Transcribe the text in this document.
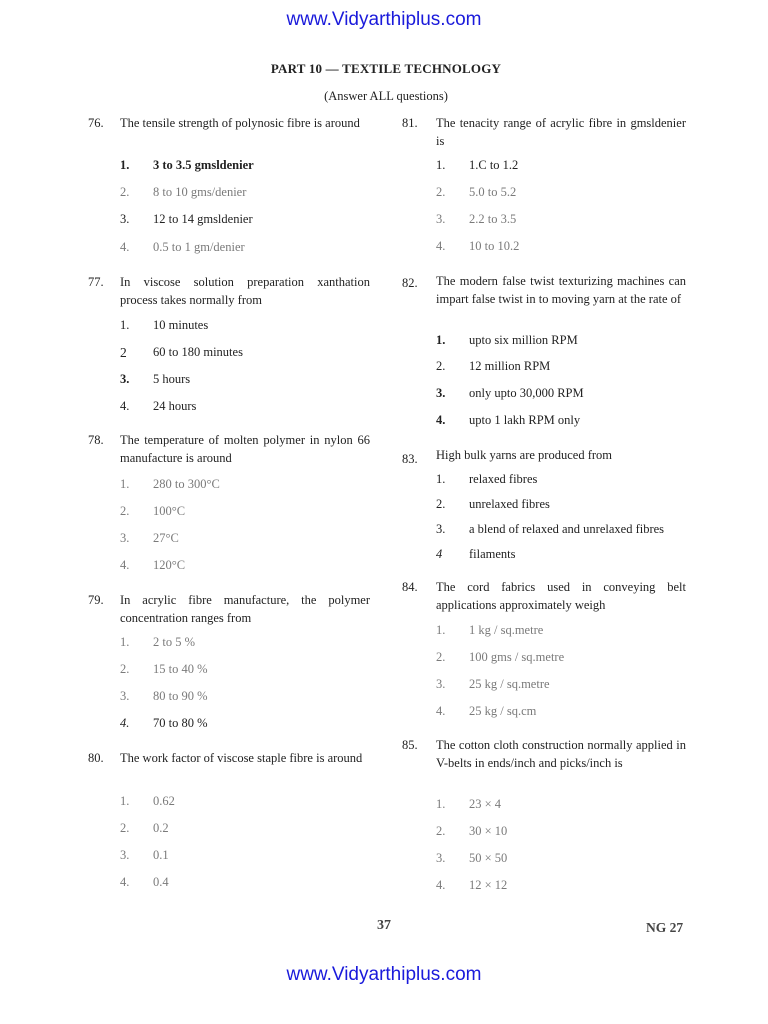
www.Vidyarthiplus.com
PART 10 — TEXTILE TECHNOLOGY
(Answer ALL questions)
76. The tensile strength of polynosic fibre is around
1. 3 to 3.5 gmsldenier
2. 8 to 10 gms/denier
3. 12 to 14 gmsldenier
4. 0.5 to 1 gm/denier
77. In viscose solution preparation xanthation process takes normally from
1. 10 minutes
2 60 to 180 minutes
3. 5 hours
4. 24 hours
78. The temperature of molten polymer in nylon 66 manufacture is around
1. 280 to 300°C
2. 100°C
3. 27°C
4. 120°C
79. In acrylic fibre manufacture, the polymer concentration ranges from
1. 2 to 5 %
2. 15 to 40 %
3. 80 to 90 %
4. 70 to 80 %
80. The work factor of viscose staple fibre is around
1. 0.62
2. 0.2
3. 0.1
4. 0.4
81. The tenacity range of acrylic fibre in gmsldenier is
1. 1.C to 1.2
2. 5.0 to 5.2
3. 2.2 to 3.5
4. 10 to 10.2
82. The modern false twist texturizing machines can impart false twist in to moving yarn at the rate of
1. upto six million RPM
2. 12 million RPM
3. only upto 30,000 RPM
4. upto 1 lakh RPM only
83. High bulk yarns are produced from
1. relaxed fibres
2. unrelaxed fibres
3. a blend of relaxed and unrelaxed fibres
4 filaments
84. The cord fabrics used in conveying belt applications approximately weigh
1. 1 kg / sq.metre
2. 100 gms / sq.metre
3. 25 kg / sq.metre
4. 25 kg / sq.cm
85. The cotton cloth construction normally applied in V-belts in ends/inch and picks/inch is
1. 23 × 4
2. 30 × 10
3. 50 × 50
4. 12 × 12
37	NG 27
www.Vidyarthiplus.com
